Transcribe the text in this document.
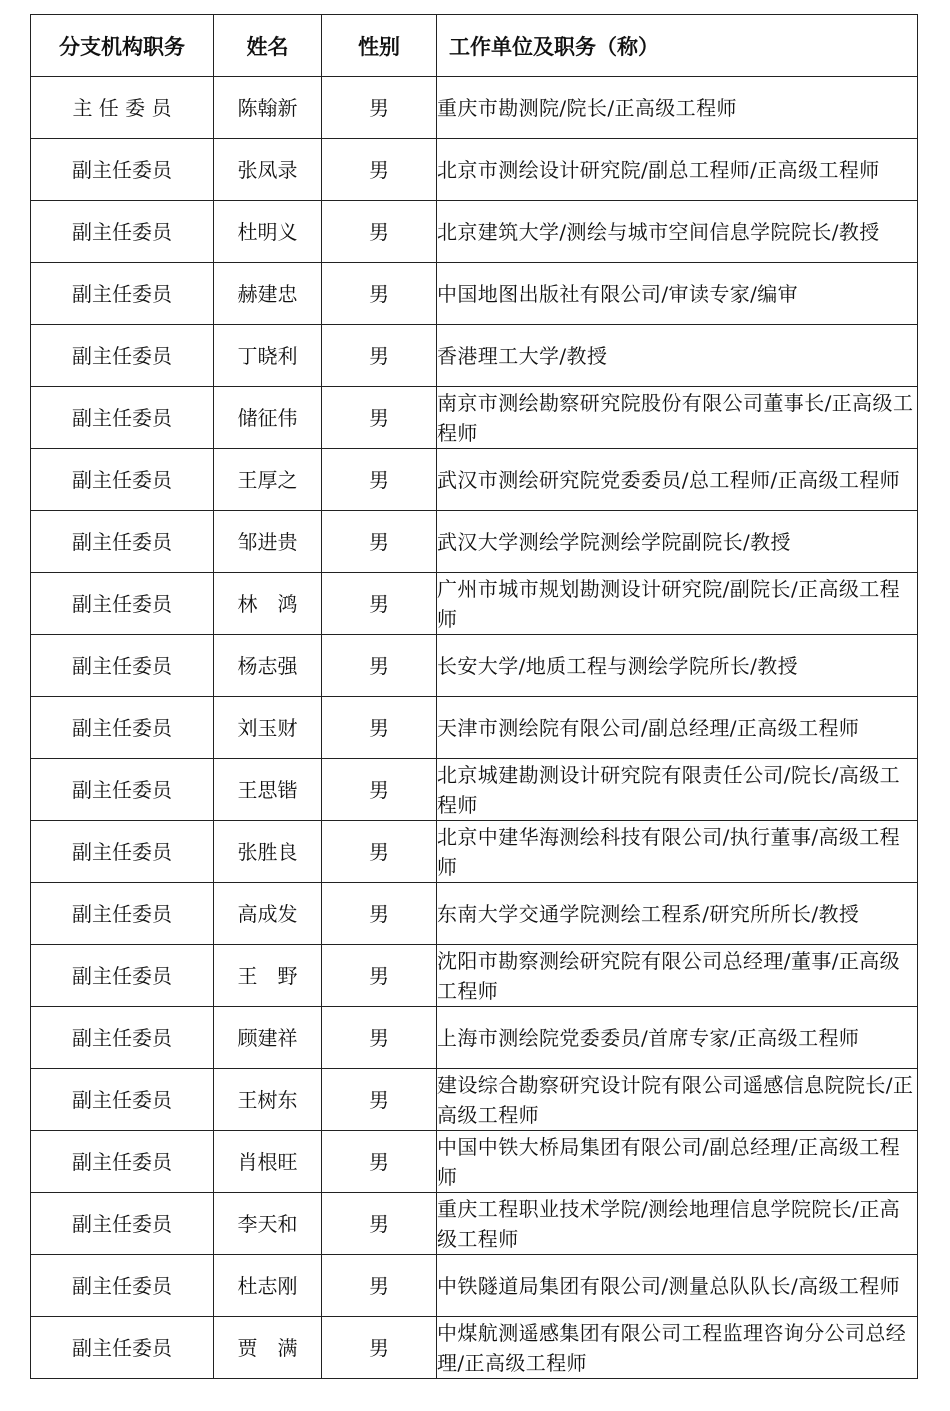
分支机构职务	姓名	性别	工作单位及职务（称）
主 任 委 员	陈翰新	男	重庆市勘测院/院长/正高级工程师
副主任委员	张凤录	男	北京市测绘设计研究院/副总工程师/正高级工程师
副主任委员	杜明义	男	北京建筑大学/测绘与城市空间信息学院院长/教授
副主任委员	赫建忠	男	中国地图出版社有限公司/审读专家/编审
副主任委员	丁晓利	男	香港理工大学/教授
副主任委员	储征伟	男	南京市测绘勘察研究院股份有限公司董事长/正高级工程师
副主任委员	王厚之	男	武汉市测绘研究院党委委员/总工程师/正高级工程师
副主任委员	邹进贵	男	武汉大学测绘学院测绘学院副院长/教授
副主任委员	林　鸿	男	广州市城市规划勘测设计研究院/副院长/正高级工程师
副主任委员	杨志强	男	长安大学/地质工程与测绘学院所长/教授
副主任委员	刘玉财	男	天津市测绘院有限公司/副总经理/正高级工程师
副主任委员	王思锴	男	北京城建勘测设计研究院有限责任公司/院长/高级工程师
副主任委员	张胜良	男	北京中建华海测绘科技有限公司/执行董事/高级工程师
副主任委员	高成发	男	东南大学交通学院测绘工程系/研究所所长/教授
副主任委员	王　野	男	沈阳市勘察测绘研究院有限公司总经理/董事/正高级工程师
副主任委员	顾建祥	男	上海市测绘院党委委员/首席专家/正高级工程师
副主任委员	王树东	男	建设综合勘察研究设计院有限公司遥感信息院院长/正高级工程师
副主任委员	肖根旺	男	中国中铁大桥局集团有限公司/副总经理/正高级工程师
副主任委员	李天和	男	重庆工程职业技术学院/测绘地理信息学院院长/正高级工程师
副主任委员	杜志刚	男	中铁隧道局集团有限公司/测量总队队长/高级工程师
副主任委员	贾　满	男	中煤航测遥感集团有限公司工程监理咨询分公司总经理/正高级工程师
